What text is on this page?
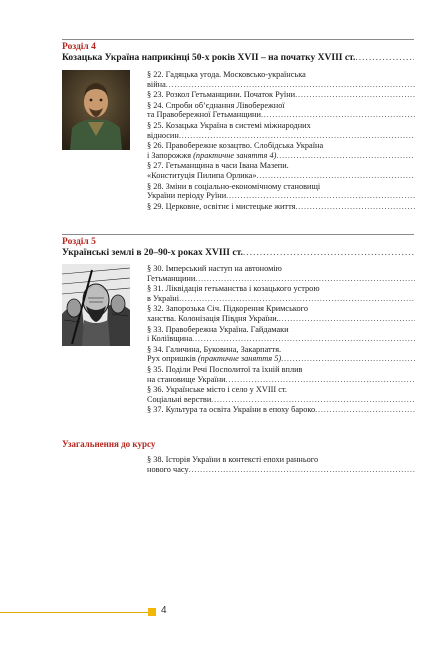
Розділ 4
Козацька Україна наприкінці 50-х років XVII – на початку XVIII ст.
.....
§ 22. Гадяцька угода. Московсько-українська
війна
.....
§ 23. Розкол Гетьманщини. Початок Руїни
.....
§ 24. Спроби об’єднання Лівобережної
та Правобережної Гетьманщини
.....
§ 25. Козацька Україна в системі міжнародних
відносин
.....
§ 26. Правобережне козацтво. Слобідська Україна
і Запорожжя (практичне заняття 4)
.....
§ 27. Гетьманщина в часи Івана Мазепи.
«Конституція Пилипа Орлика»
.....
§ 28. Зміни в соціально-економічному становищі
України періоду Руїни
.....
§ 29. Церковне, освітнє і мистецьке життя
.....
Розділ 5
Українські землі в 20–90-х роках XVIII ст.
.....
§ 30. Імперський наступ на автономію
Гетьманщини
.....
§ 31. Ліквідація гетьманства і козацького устрою
в Україні
.....
§ 32. Запорозька Січ. Підкорення Кримського
ханства. Колонізація Півдня України.
.....
§ 33. Правобережна Україна. Гайдамаки
і Коліївщина
.....
§ 34. Галичина, Буковина, Закарпаття.
Рух опришків (практичне заняття 5)
.....
§ 35. Поділи Речі Посполитої та їхній вплив
на становище України
.....
§ 36. Українське місто і село у XVIII ст.
Соціальні верстви
.....
§ 37. Культура та освіта України в епоху бароко
.....
Узагальнення до курсу
§ 38. Історія України в контексті епохи раннього
нового часу
.....
4
